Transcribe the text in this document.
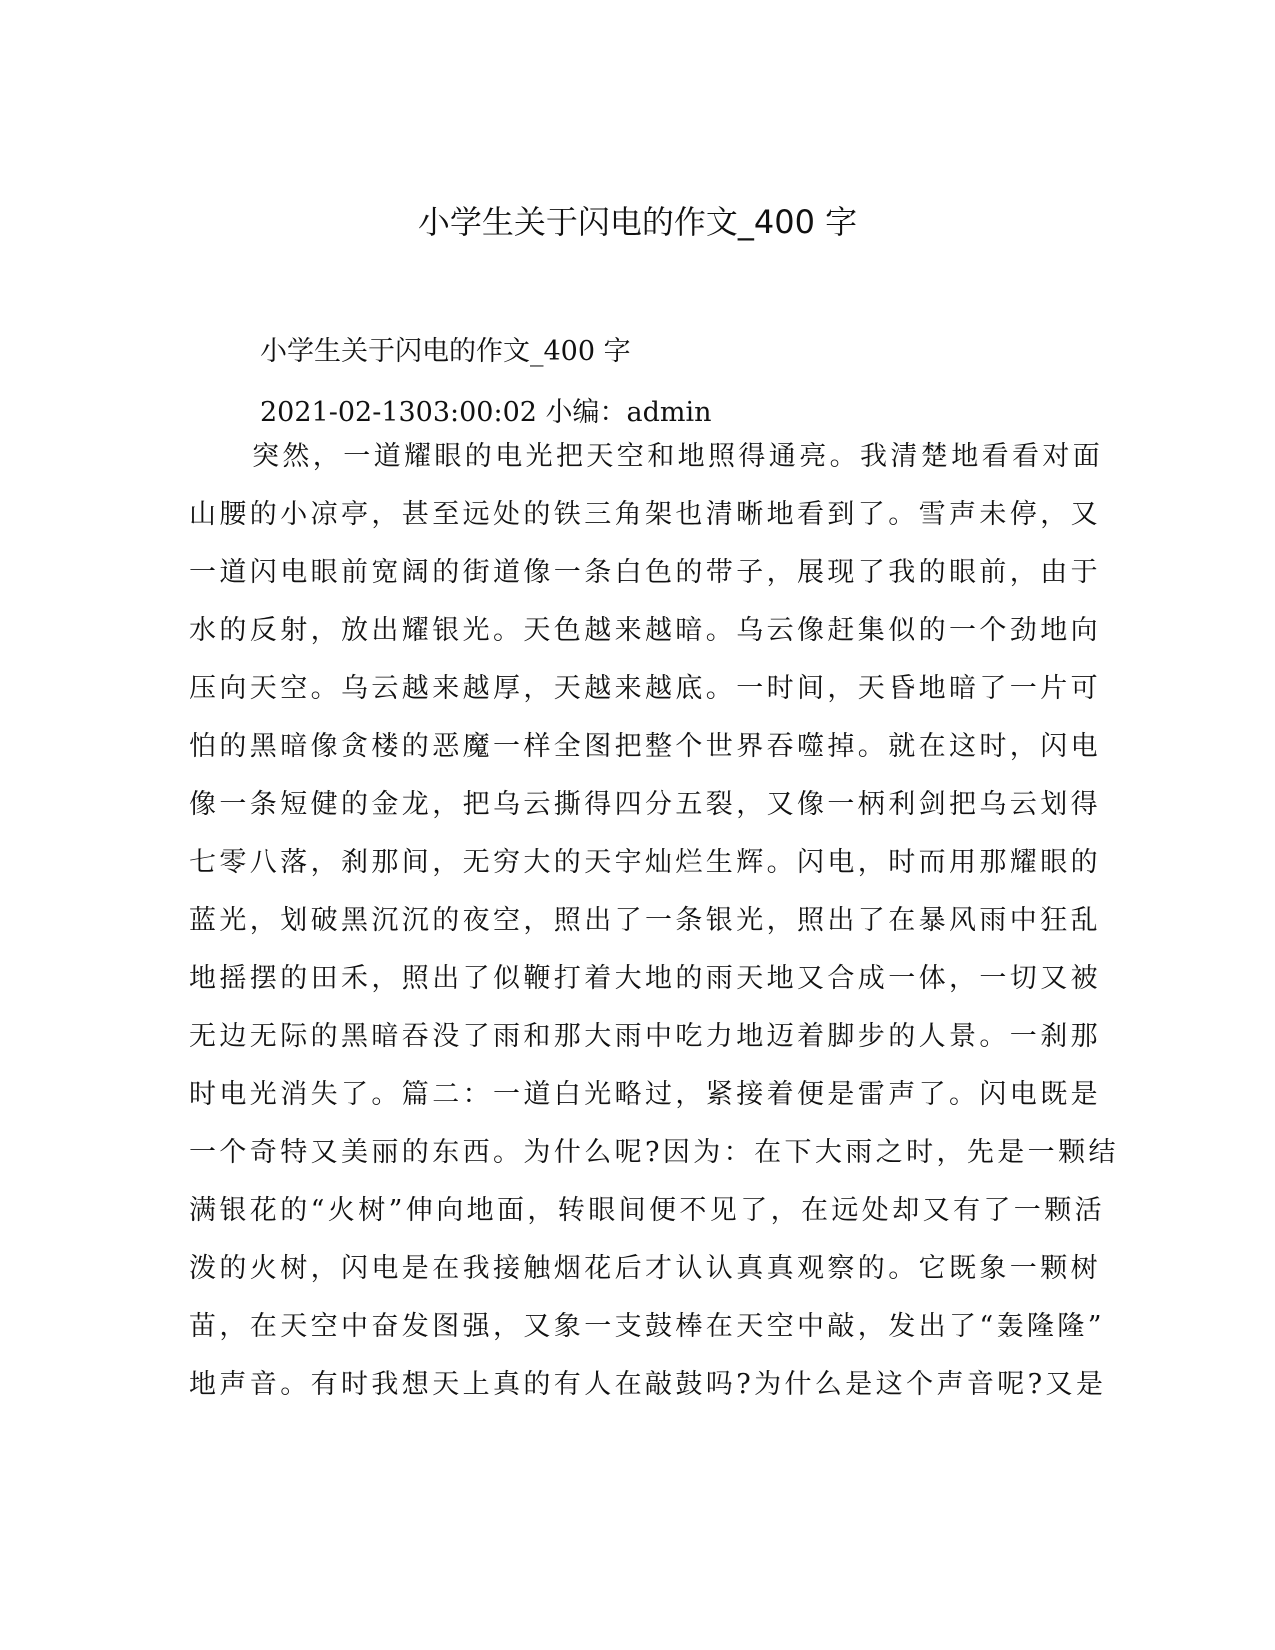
小学生关于闪电的作文_400 字

小学生关于闪电的作文_400 字

2021-02-1303:00:02 小编：admin

突然，一道耀眼的电光把天空和地照得通亮。我清楚地看看对面

山腰的小凉亭，甚至远处的铁三角架也清晰地看到了。雪声未停，又

一道闪电眼前宽阔的街道像一条白色的带子，展现了我的眼前，由于

水的反射，放出耀银光。天色越来越暗。乌云像赶集似的一个劲地向

压向天空。乌云越来越厚，天越来越底。一时间，天昏地暗了一片可

怕的黑暗像贪楼的恶魔一样全图把整个世界吞噬掉。就在这时，闪电

像一条短健的金龙，把乌云撕得四分五裂，又像一柄利剑把乌云划得

七零八落，刹那间，无穷大的天宇灿烂生辉。闪电，时而用那耀眼的

蓝光，划破黑沉沉的夜空，照出了一条银光，照出了在暴风雨中狂乱

地摇摆的田禾，照出了似鞭打着大地的雨天地又合成一体，一切又被

无边无际的黑暗吞没了雨和那大雨中吃力地迈着脚步的人景。一刹那

时电光消失了。篇二：一道白光略过，紧接着便是雷声了。闪电既是

一个奇特又美丽的东西。为什么呢?因为：在下大雨之时，先是一颗结

满银花的“火树”伸向地面，转眼间便不见了，在远处却又有了一颗活

泼的火树，闪电是在我接触烟花后才认认真真观察的。它既象一颗树

苗，在天空中奋发图强，又象一支鼓棒在天空中敲，发出了“轰隆隆”

地声音。有时我想天上真的有人在敲鼓吗?为什么是这个声音呢?又是
